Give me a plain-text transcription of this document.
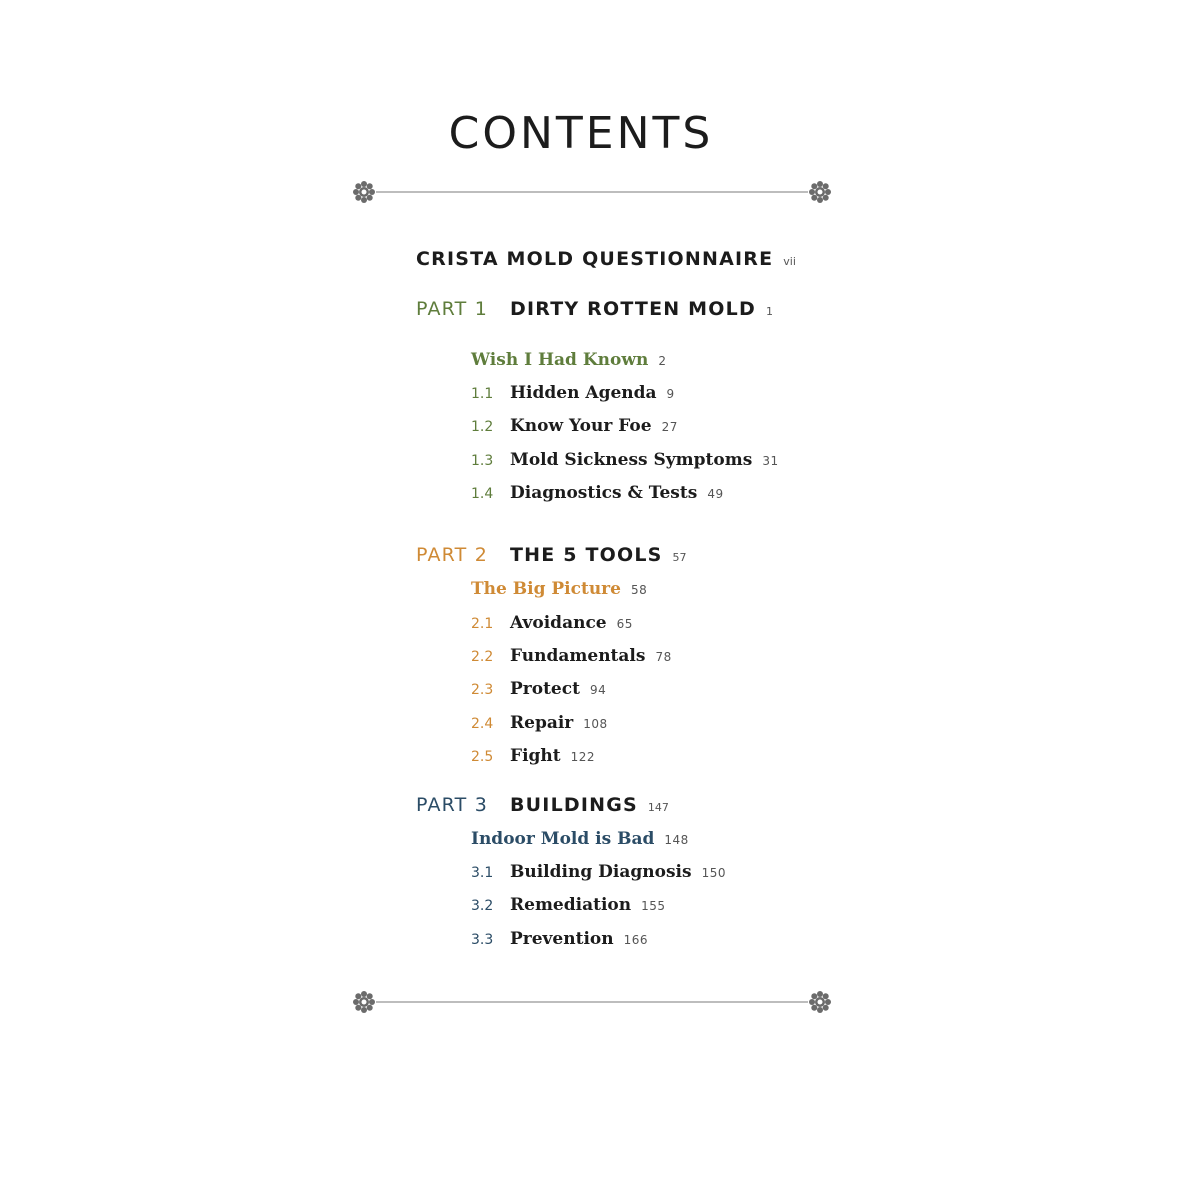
CONTENTS
CRISTA MOLD QUESTIONNAIRE vii
PART 1 DIRTY ROTTEN MOLD 1
Wish I Had Known 2
1.1 Hidden Agenda 9
1.2 Know Your Foe 27
1.3 Mold Sickness Symptoms 31
1.4 Diagnostics & Tests 49
PART 2 THE 5 TOOLS 57
The Big Picture 58
2.1 Avoidance 65
2.2 Fundamentals 78
2.3 Protect 94
2.4 Repair 108
2.5 Fight 122
PART 3 BUILDINGS 147
Indoor Mold is Bad 148
3.1 Building Diagnosis 150
3.2 Remediation 155
3.3 Prevention 166
